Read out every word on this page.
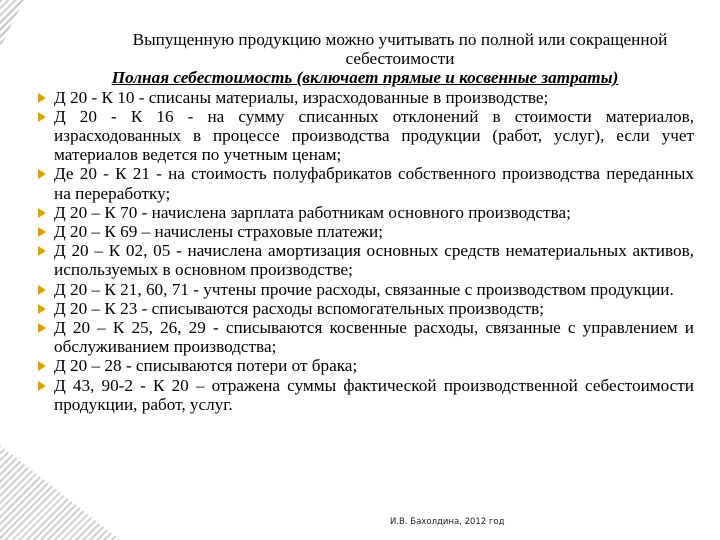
Выпущенную продукцию можно учитывать по полной или сокращенной себестоимости
Полная себестоимость (включает прямые и косвенные затраты)
Д 20 - К 10 - списаны материалы, израсходованные в производстве;
Д 20 - К 16 - на сумму списанных отклонений в стоимости материалов, израсходованных в процессе производства продукции (работ, услуг), если учет материалов ведется по учетным ценам;
Де 20 - К 21 - на стоимость полуфабрикатов собственного производства переданных на переработку;
Д 20 – К 70 - начислена зарплата работникам основного производства;
Д 20 – К 69 – начислены страховые платежи;
Д 20 – К 02, 05 - начислена амортизация основных средств нематериальных активов, используемых в основном производстве;
Д 20 – К 21, 60, 71 - учтены прочие расходы, связанные с производством продукции.
Д 20 – К 23 - списываются расходы вспомогательных производств;
Д 20 – К 25, 26, 29 - списываются косвенные расходы, связанные с управлением и обслуживанием производства;
Д 20 – 28 - списываются потери от брака;
Д 43, 90-2 - К 20 – отражена суммы фактической производственной себестоимости продукции, работ, услуг.
И.В. Бахолдина, 2012 год
